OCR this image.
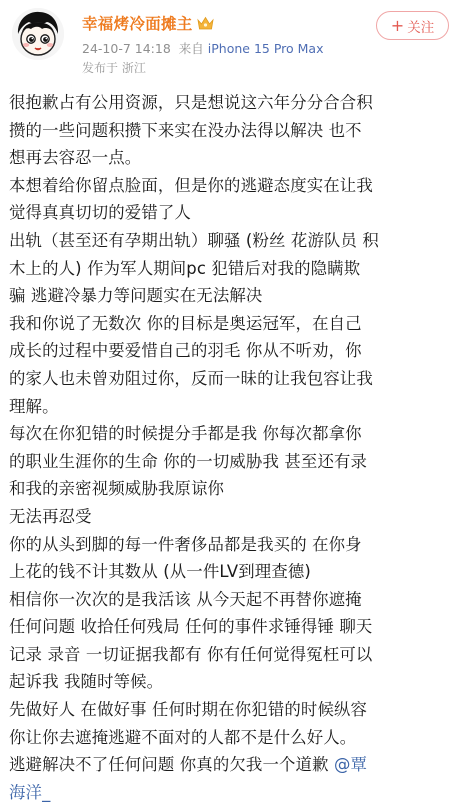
幸福烤冷面摊主
24-10-7 14:18 来自 iPhone 15 Pro Max
发布于 浙江
+ 关注

很抱歉占有公用资源，只是想说这六年分分合合积

攒的一些问题积攒下来实在没办法得以解决 也不

想再去容忍一点。

本想着给你留点脸面，但是你的逃避态度实在让我

觉得真真切切的爱错了人

出轨（甚至还有孕期出轨）聊骚 (粉丝 花游队员 积

木上的人) 作为军人期间pc 犯错后对我的隐瞒欺

骗 逃避冷暴力等问题实在无法解决

我和你说了无数次 你的目标是奥运冠军，在自己

成长的过程中要爱惜自己的羽毛 你从不听劝，你

的家人也未曾劝阻过你，反而一昧的让我包容让我

理解。

每次在你犯错的时候提分手都是我 你每次都拿你

的职业生涯你的生命 你的一切威胁我 甚至还有录

和我的亲密视频威胁我原谅你

无法再忍受

你的从头到脚的每一件奢侈品都是我买的 在你身

上花的钱不计其数从 (从一件LV到理查德)

相信你一次次的是我活该 从今天起不再替你遮掩

任何问题 收拾任何残局 任何的事件求锤得锤 聊天

记录 录音 一切证据我都有 你有任何觉得冤枉可以

起诉我 我随时等候。

先做好人 在做好事 任何时期在你犯错的时候纵容

你让你去遮掩逃避不面对的人都不是什么好人。

逃避解决不了任何问题 你真的欠我一个道歉 @覃

海洋_
